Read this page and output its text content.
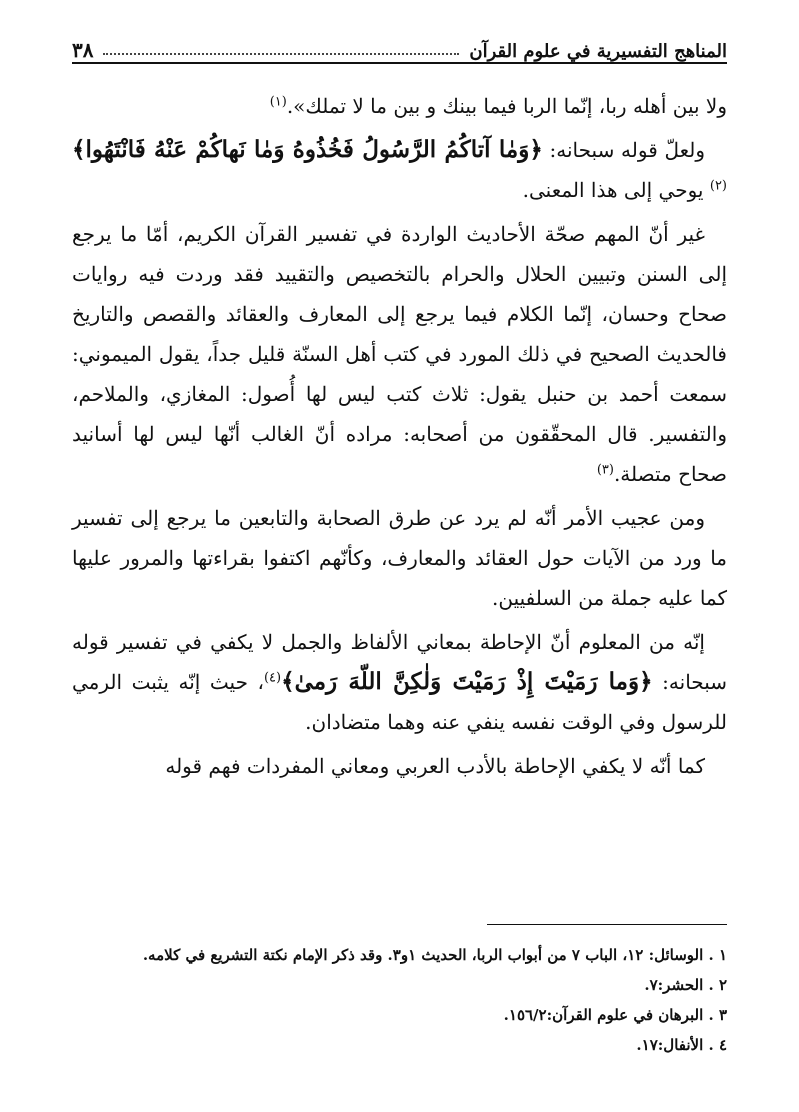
المناهج التفسيرية في علوم القرآن
٣٨

ولا بين أهله ربا، إنّما الربا فيما بينك و بين ما لا تملك».$^{(١)}$

ولعلّ قوله سبحانه: ﴿وَمٰا آتاكُمُ الرَّسُولُ فَخُذُوهُ وَمٰا نَهاكُمْ عَنْهُ فَانْتَهُوا﴾$^{(٢)}$ يوحي إلى هذا المعنى.

غير أنّ المهم صحّة الأحاديث الواردة في تفسير القرآن الكريم، أمّا ما يرجع إلى السنن وتبيين الحلال والحرام بالتخصيص والتقييد فقد وردت فيه روايات صحاح وحسان، إنّما الكلام فيما يرجع إلى المعارف والعقائد والقصص والتاريخ فالحديث الصحيح في ذلك المورد في كتب أهل السنّة قليل جداً، يقول الميموني: سمعت أحمد بن حنبل يقول: ثلاث كتب ليس لها أُصول: المغازي، والملاحم، والتفسير. قال المحقّقون من أصحابه: مراده أنّ الغالب أنّها ليس لها أسانيد صحاح متصلة.$^{(٣)}$

ومن عجيب الأمر أنّه لم يرد عن طرق الصحابة والتابعين ما يرجع إلى تفسير ما ورد من الآيات حول العقائد والمعارف، وكأنّهم اكتفوا بقراءتها والمرور عليها كما عليه جملة من السلفيين.

إنّه من المعلوم أنّ الإحاطة بمعاني الألفاظ والجمل لا يكفي في تفسير قوله سبحانه: ﴿وَما رَمَيْتَ إِذْ رَمَيْتَ وَلٰكِنَّ اللّهَ رَمىٰ﴾$^{(٤)}$، حيث إنّه يثبت الرمي للرسول وفي الوقت نفسه ينفي عنه وهما متضادان.

كما أنّه لا يكفي الإحاطة بالأدب العربي ومعاني المفردات فهم قوله

١ . الوسائل: ١٢، الباب ٧ من أبواب الربا، الحديث ١و٣. وقد ذكر الإمام نكتة التشريع في كلامه.
٢ . الحشر:٧.
٣ . البرهان في علوم القرآن:١٥٦/٢.
٤ . الأنفال:١٧.
